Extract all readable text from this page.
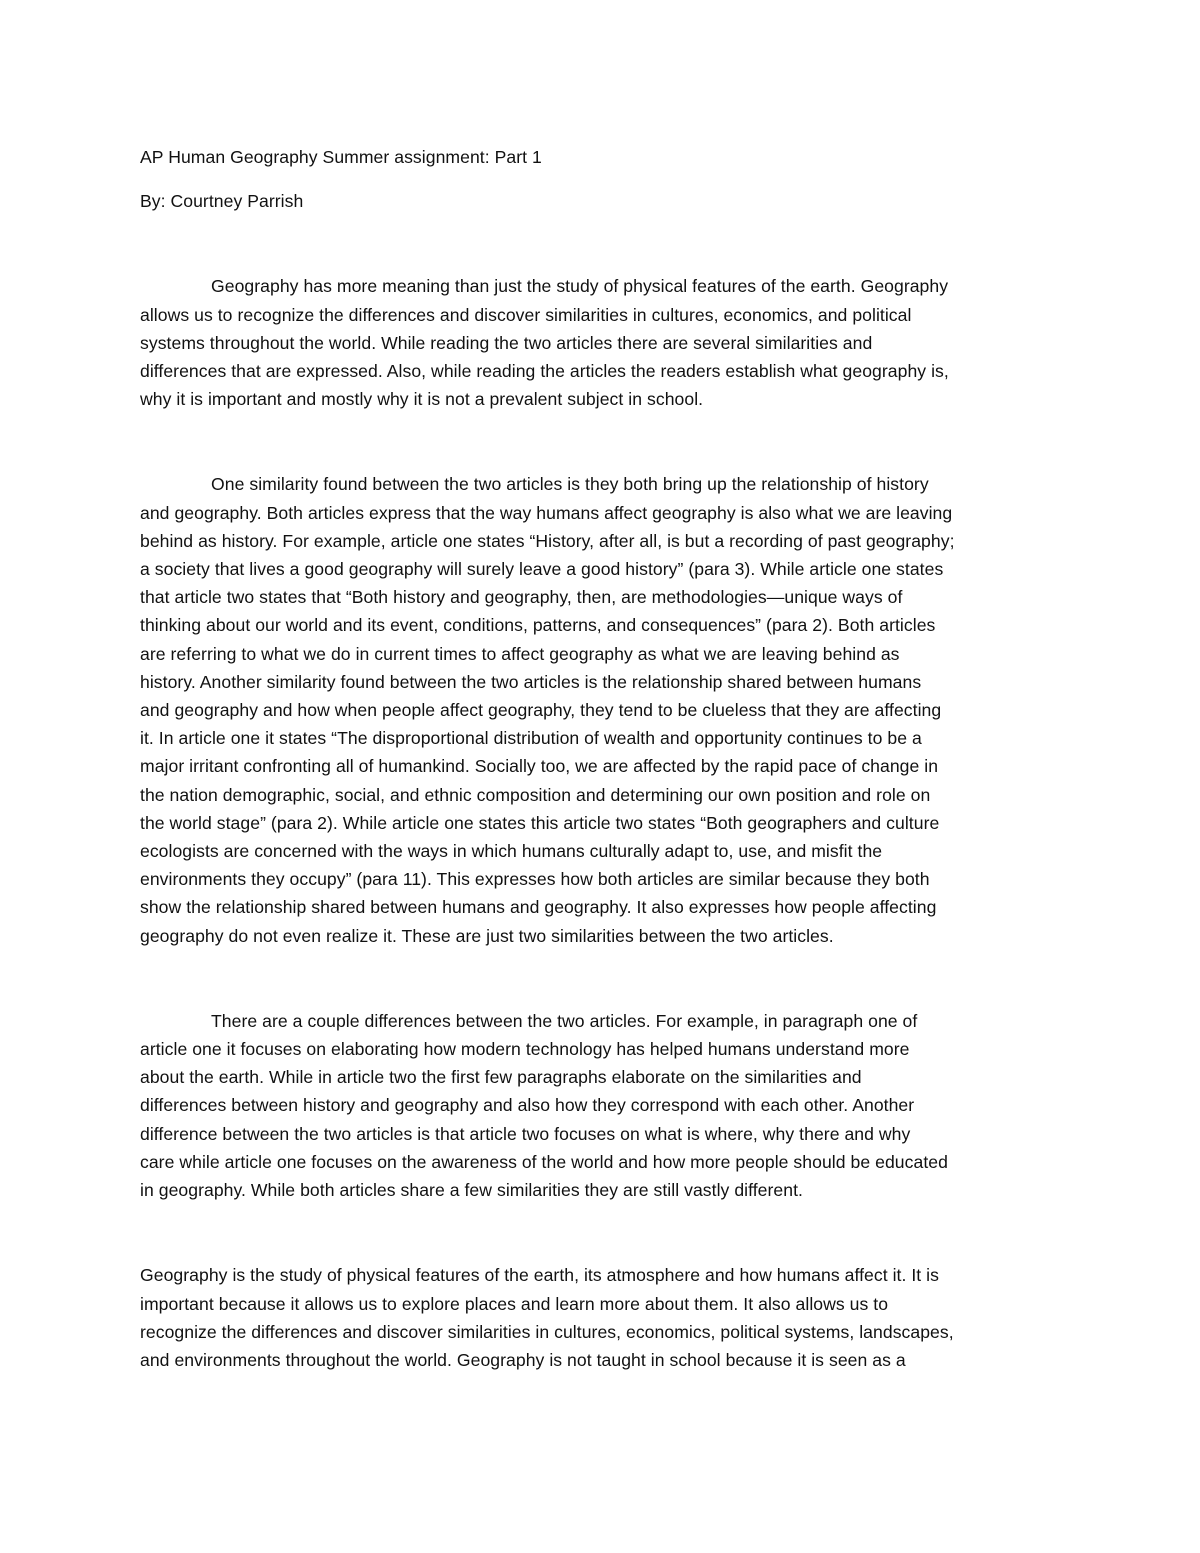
AP Human Geography Summer assignment: Part 1

By: Courtney Parrish

Geography has more meaning than just the study of physical features of the earth. Geography
allows us to recognize the differences and discover similarities in cultures, economics, and political
systems throughout the world. While reading the two articles there are several similarities and
differences that are expressed. Also, while reading the articles the readers establish what geography is,
why it is important and mostly why it is not a prevalent subject in school.

One similarity found between the two articles is they both bring up the relationship of history
and geography. Both articles express that the way humans affect geography is also what we are leaving
behind as history. For example, article one states “History, after all, is but a recording of past geography;
a society that lives a good geography will surely leave a good history” (para 3). While article one states
that article two states that “Both history and geography, then, are methodologies—unique ways of
thinking about our world and its event, conditions, patterns, and consequences” (para 2). Both articles
are referring to what we do in current times to affect geography as what we are leaving behind as
history. Another similarity found between the two articles is the relationship shared between humans
and geography and how when people affect geography, they tend to be clueless that they are affecting
it. In article one it states “The disproportional distribution of wealth and opportunity continues to be a
major irritant confronting all of humankind. Socially too, we are affected by the rapid pace of change in
the nation demographic, social, and ethnic composition and determining our own position and role on
the world stage” (para 2). While article one states this article two states “Both geographers and culture
ecologists are concerned with the ways in which humans culturally adapt to, use, and misfit the
environments they occupy” (para 11). This expresses how both articles are similar because they both
show the relationship shared between humans and geography. It also expresses how people affecting
geography do not even realize it. These are just two similarities between the two articles.

There are a couple differences between the two articles. For example, in paragraph one of
article one it focuses on elaborating how modern technology has helped humans understand more
about the earth. While in article two the first few paragraphs elaborate on the similarities and
differences between history and geography and also how they correspond with each other. Another
difference between the two articles is that article two focuses on what is where, why there and why
care while article one focuses on the awareness of the world and how more people should be educated
in geography. While both articles share a few similarities they are still vastly different.

Geography is the study of physical features of the earth, its atmosphere and how humans affect it. It is
important because it allows us to explore places and learn more about them. It also allows us to
recognize the differences and discover similarities in cultures, economics, political systems, landscapes,
and environments throughout the world. Geography is not taught in school because it is seen as a
